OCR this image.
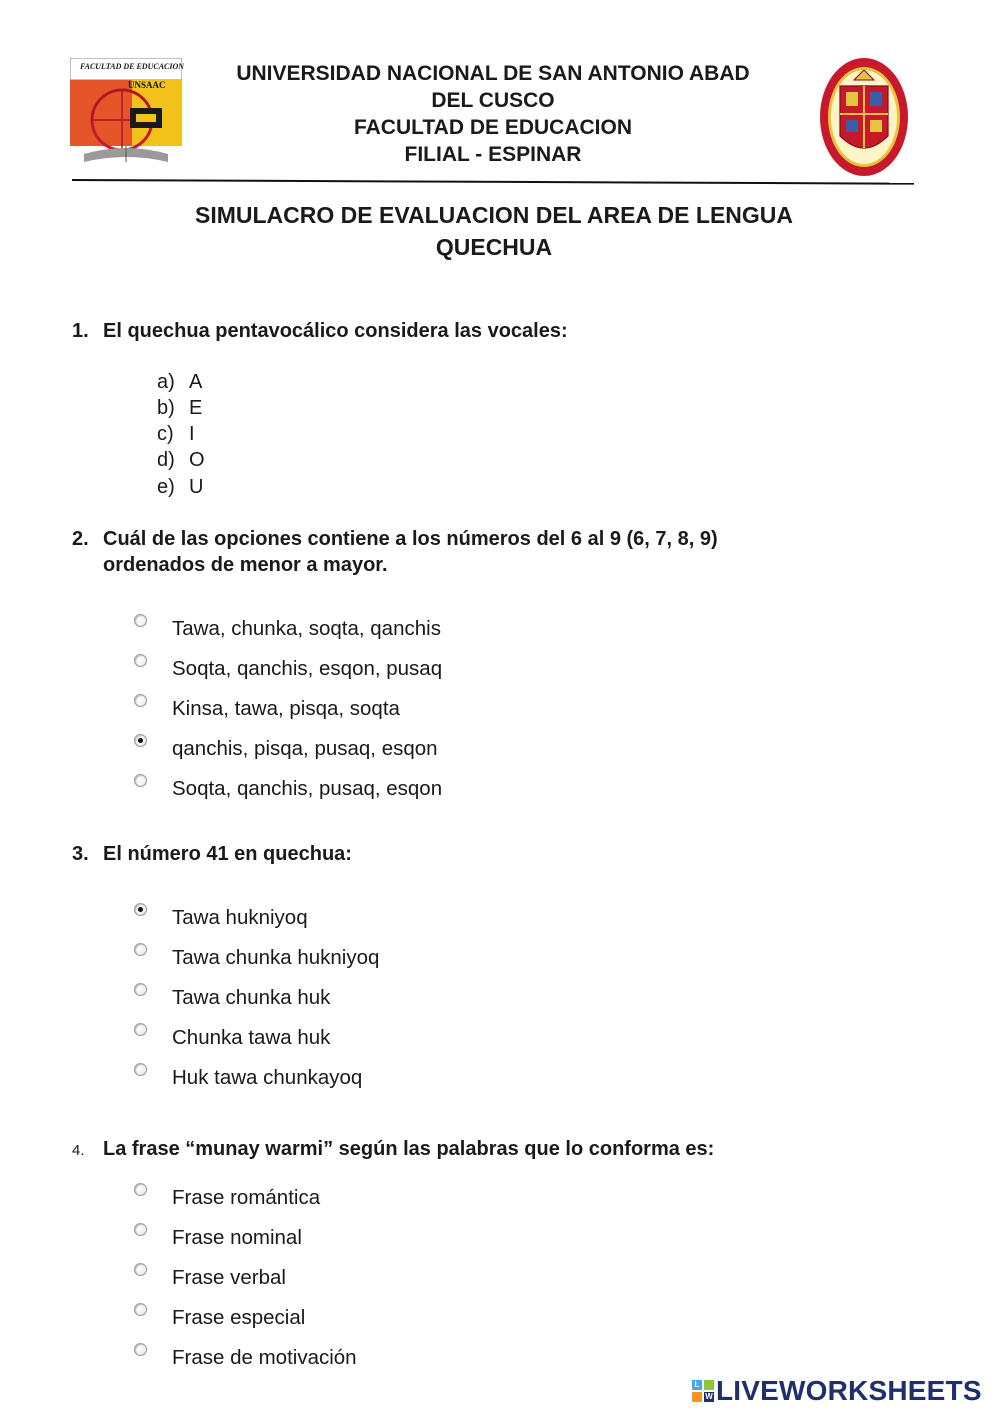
FACULTAD DE EDUCACION
UNSAAC	UNIVERSIDAD NACIONAL DE SAN ANTONIO ABAD
DEL CUSCO
FACULTAD DE EDUCACION
FILIAL - ESPINAR
SIMULACRO DE EVALUACION DEL AREA DE LENGUA
QUECHUA
1. El quechua pentavocálico considera las vocales:
a) A
b) E
c) I
d) O
e) U
2. Cuál de las opciones contiene a los números del 6 al 9 (6, 7, 8, 9)
ordenados de menor a mayor.
Tawa, chunka, soqta, qanchis
Soqta, qanchis, esqon, pusaq
Kinsa, tawa, pisqa, soqta
qanchis, pisqa, pusaq, esqon
Soqta, qanchis, pusaq, esqon
3. El número 41 en quechua:
Tawa hukniyoq
Tawa chunka hukniyoq
Tawa chunka huk
Chunka tawa huk
Huk tawa chunkayoq
4. La frase “munay warmi” según las palabras que lo conforma es:
Frase romántica
Frase nominal
Frase verbal
Frase especial
Frase de motivación
L
W LIVEWORKSHEETS
